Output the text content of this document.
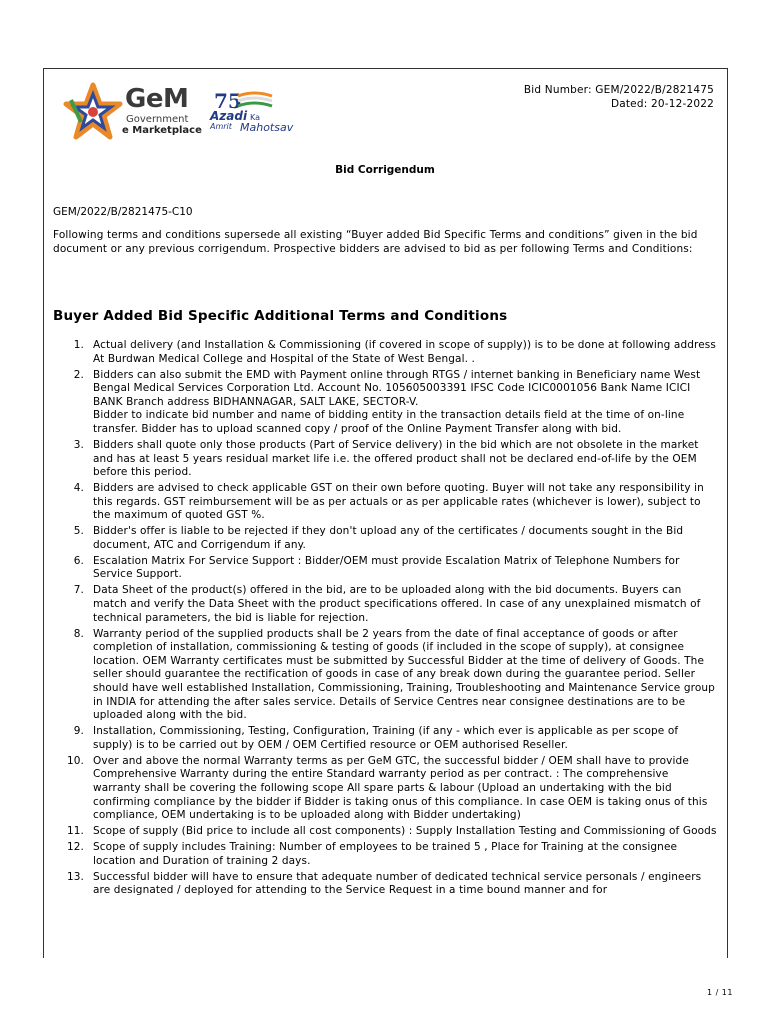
GeM
Government
e Marketplace
75
Azadi Ka
Amrit Mahotsav
Bid Number: GEM/2022/B/2821475
Dated: 20-12-2022
Bid Corrigendum
GEM/2022/B/2821475-C10
Following terms and conditions supersede all existing “Buyer added Bid Specific Terms and conditions” given in the bid document or any previous corrigendum. Prospective bidders are advised to bid as per following Terms and Conditions:
Buyer Added Bid Specific Additional Terms and Conditions
1. Actual delivery (and Installation & Commissioning (if covered in scope of supply)) is to be done at following address At Burdwan Medical College and Hospital of the State of West Bengal. .
2. Bidders can also submit the EMD with Payment online through RTGS / internet banking in Beneficiary name West Bengal Medical Services Corporation Ltd. Account No. 105605003391 IFSC Code ICIC0001056 Bank Name ICICI BANK Branch address BIDHANNAGAR, SALT LAKE, SECTOR-V.
Bidder to indicate bid number and name of bidding entity in the transaction details field at the time of on-line transfer. Bidder has to upload scanned copy / proof of the Online Payment Transfer along with bid.
3. Bidders shall quote only those products (Part of Service delivery) in the bid which are not obsolete in the market and has at least 5 years residual market life i.e. the offered product shall not be declared end-of-life by the OEM before this period.
4. Bidders are advised to check applicable GST on their own before quoting. Buyer will not take any responsibility in this regards. GST reimbursement will be as per actuals or as per applicable rates (whichever is lower), subject to the maximum of quoted GST %.
5. Bidder's offer is liable to be rejected if they don't upload any of the certificates / documents sought in the Bid document, ATC and Corrigendum if any.
6. Escalation Matrix For Service Support : Bidder/OEM must provide Escalation Matrix of Telephone Numbers for Service Support.
7. Data Sheet of the product(s) offered in the bid, are to be uploaded along with the bid documents. Buyers can match and verify the Data Sheet with the product specifications offered. In case of any unexplained mismatch of technical parameters, the bid is liable for rejection.
8. Warranty period of the supplied products shall be 2 years from the date of final acceptance of goods or after completion of installation, commissioning & testing of goods (if included in the scope of supply), at consignee location. OEM Warranty certificates must be submitted by Successful Bidder at the time of delivery of Goods. The seller should guarantee the rectification of goods in case of any break down during the guarantee period. Seller should have well established Installation, Commissioning, Training, Troubleshooting and Maintenance Service group in INDIA for attending the after sales service. Details of Service Centres near consignee destinations are to be uploaded along with the bid.
9. Installation, Commissioning, Testing, Configuration, Training (if any - which ever is applicable as per scope of supply) is to be carried out by OEM / OEM Certified resource or OEM authorised Reseller.
10. Over and above the normal Warranty terms as per GeM GTC, the successful bidder / OEM shall have to provide Comprehensive Warranty during the entire Standard warranty period as per contract. : The comprehensive warranty shall be covering the following scope All spare parts & labour (Upload an undertaking with the bid confirming compliance by the bidder if Bidder is taking onus of this compliance. In case OEM is taking onus of this compliance, OEM undertaking is to be uploaded along with Bidder undertaking)
11. Scope of supply (Bid price to include all cost components) : Supply Installation Testing and Commissioning of Goods
12. Scope of supply includes Training: Number of employees to be trained 5 , Place for Training at the consignee location and Duration of training 2 days.
13. Successful bidder will have to ensure that adequate number of dedicated technical service personals / engineers are designated / deployed for attending to the Service Request in a time bound manner and for
1 / 11
